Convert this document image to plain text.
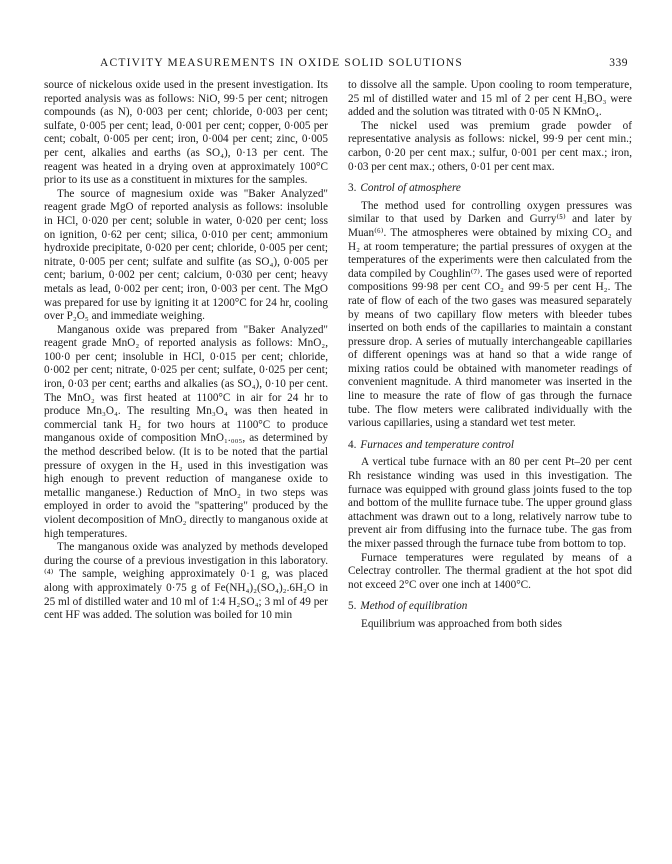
ACTIVITY MEASUREMENTS IN OXIDE SOLID SOLUTIONS	339

source of nickelous oxide used in the present investigation. Its reported analysis was as follows: NiO, 99·5 per cent; nitrogen compounds (as N), 0·003 per cent; chloride, 0·003 per cent; sulfate, 0·005 per cent; lead, 0·001 per cent; copper, 0·005 per cent; cobalt, 0·005 per cent; iron, 0·004 per cent; zinc, 0·005 per cent, alkalies and earths (as SO₄), 0·13 per cent. The reagent was heated in a drying oven at approximately 100°C prior to its use as a constituent in mixtures for the samples.

The source of magnesium oxide was "Baker Analyzed" reagent grade MgO of reported analysis as follows: insoluble in HCl, 0·020 per cent; soluble in water, 0·020 per cent; loss on ignition, 0·62 per cent; silica, 0·010 per cent; ammonium hydroxide precipitate, 0·020 per cent; chloride, 0·005 per cent; nitrate, 0·005 per cent; sulfate and sulfite (as SO₄), 0·005 per cent; barium, 0·002 per cent; calcium, 0·030 per cent; heavy metals as lead, 0·002 per cent; iron, 0·003 per cent. The MgO was prepared for use by igniting it at 1200°C for 24 hr, cooling over P₂O₅ and immediate weighing.

Manganous oxide was prepared from "Baker Analyzed" reagent grade MnO₂ of reported analysis as follows: MnO₂, 100·0 per cent; insoluble in HCl, 0·015 per cent; chloride, 0·002 per cent; nitrate, 0·025 per cent; sulfate, 0·025 per cent; iron, 0·03 per cent; earths and alkalies (as SO₄), 0·10 per cent. The MnO₂ was first heated at 1100°C in air for 24 hr to produce Mn₃O₄. The resulting Mn₃O₄ was then heated in commercial tank H₂ for two hours at 1100°C to produce manganous oxide of composition MnO₁.₀₀₅, as determined by the method described below. (It is to be noted that the partial pressure of oxygen in the H₂ used in this investigation was high enough to prevent reduction of manganese oxide to metallic manganese.) Reduction of MnO₂ in two steps was employed in order to avoid the "spattering" produced by the violent decomposition of MnO₂ directly to manganous oxide at high temperatures.

The manganous oxide was analyzed by methods developed during the course of a previous investigation in this laboratory.⁽⁴⁾ The sample, weighing approximately 0·1 g, was placed along with approximately 0·75 g of Fe(NH₄)₂(SO₄)₂.6H₂O in 25 ml of distilled water and 10 ml of 1:4 H₂SO₄; 3 ml of 49 per cent HF was added. The solution was boiled for 10 min

to dissolve all the sample. Upon cooling to room temperature, 25 ml of distilled water and 15 ml of 2 per cent H₃BO₃ were added and the solution was titrated with 0·05 N KMnO₄.

The nickel used was premium grade powder of representative analysis as follows: nickel, 99·9 per cent min.; carbon, 0·20 per cent max.; sulfur, 0·001 per cent max.; iron, 0·03 per cent max.; others, 0·01 per cent max.

3. Control of atmosphere

The method used for controlling oxygen pressures was similar to that used by Darken and Gurry⁽⁵⁾ and later by Muan⁽⁶⁾. The atmospheres were obtained by mixing CO₂ and H₂ at room temperature; the partial pressures of oxygen at the temperatures of the experiments were then calculated from the data compiled by Coughlin⁽⁷⁾. The gases used were of reported compositions 99·98 per cent CO₂ and 99·5 per cent H₂. The rate of flow of each of the two gases was measured separately by means of two capillary flow meters with bleeder tubes inserted on both ends of the capillaries to maintain a constant pressure drop. A series of mutually interchangeable capillaries of different openings was at hand so that a wide range of mixing ratios could be obtained with manometer readings of convenient magnitude. A third manometer was inserted in the line to measure the rate of flow of gas through the furnace tube. The flow meters were calibrated individually with the various capillaries, using a standard wet test meter.

4. Furnaces and temperature control

A vertical tube furnace with an 80 per cent Pt–20 per cent Rh resistance winding was used in this investigation. The furnace was equipped with ground glass joints fused to the top and bottom of the mullite furnace tube. The upper ground glass attachment was drawn out to a long, relatively narrow tube to prevent air from diffusing into the furnace tube. The gas from the mixer passed through the furnace tube from bottom to top.

Furnace temperatures were regulated by means of a Celectray controller. The thermal gradient at the hot spot did not exceed 2°C over one inch at 1400°C.

5. Method of equilibration

Equilibrium was approached from both sides
